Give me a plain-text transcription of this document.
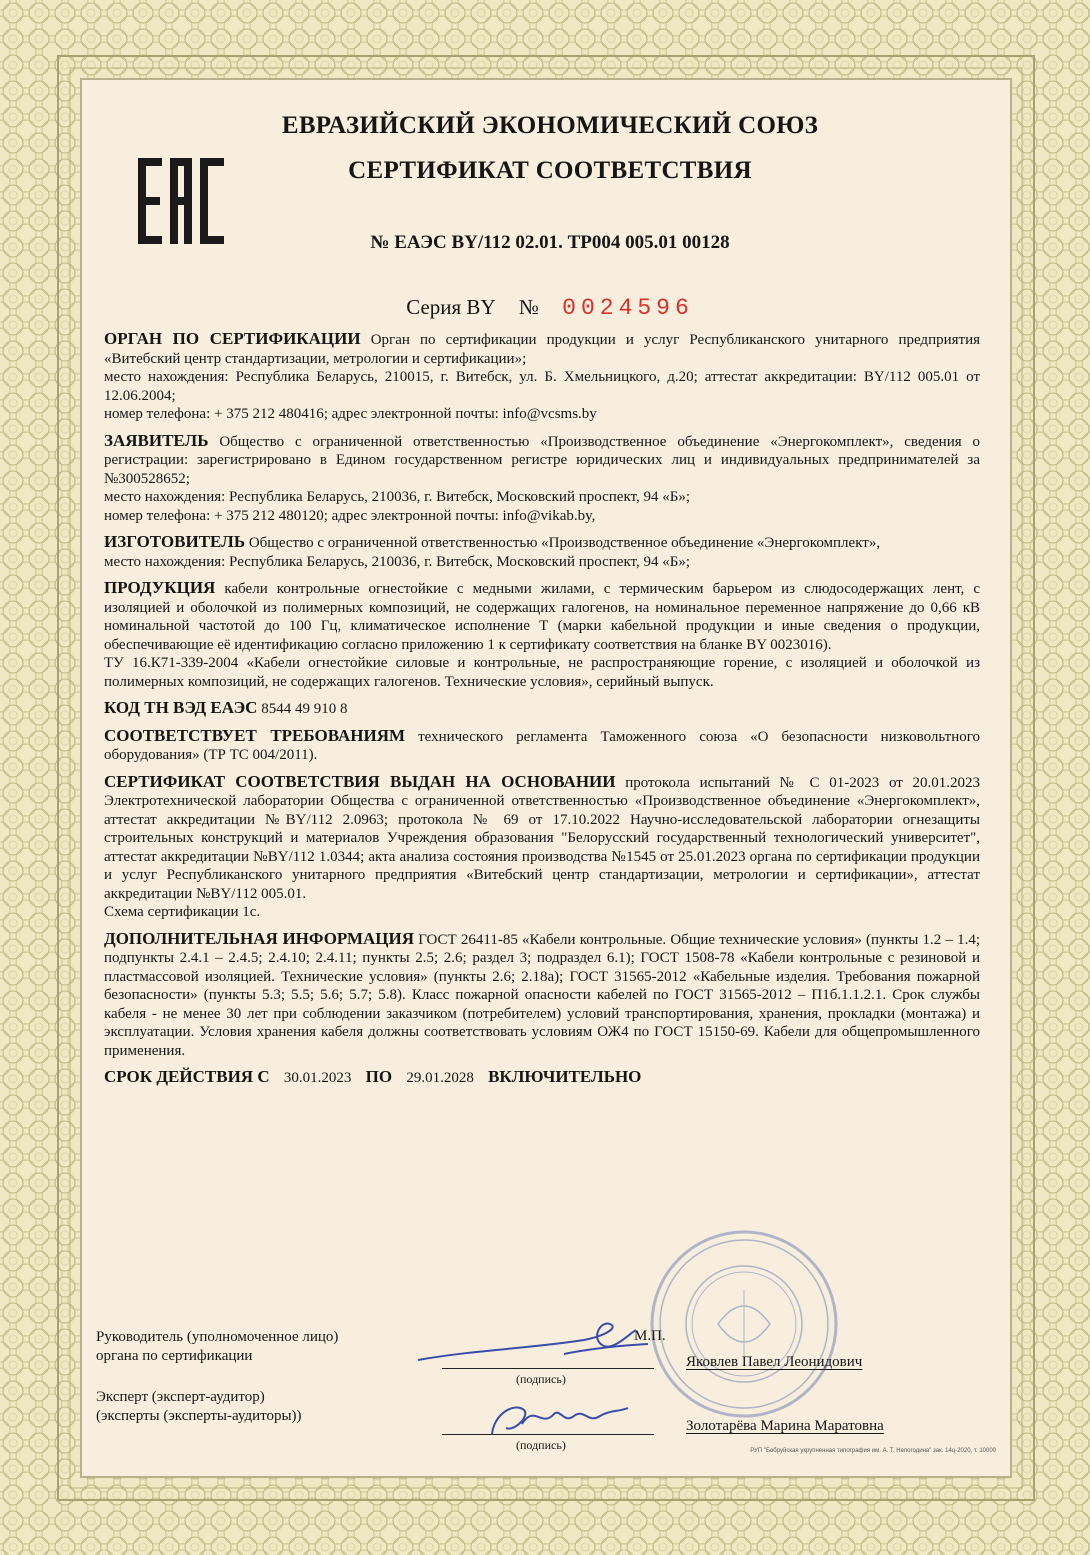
ЕВРАЗИЙСКИЙ ЭКОНОМИЧЕСКИЙ СОЮЗ
СЕРТИФИКАТ СООТВЕТСТВИЯ
№ ЕАЭС BY/112 02.01. ТР004 005.01 00128
Серия BY № 0024596

ОРГАН ПО СЕРТИФИКАЦИИ Орган по сертификации продукции и услуг Республиканского унитарного предприятия «Витебский центр стандартизации, метрологии и сертификации»;

место нахождения: Республика Беларусь, 210015, г. Витебск, ул. Б. Хмельницкого, д.20; аттестат аккредитации: BY/112 005.01 от 12.06.2004;

номер телефона: + 375 212 480416; адрес электронной почты: info@vcsms.by

ЗАЯВИТЕЛЬ Общество с ограниченной ответственностью «Производственное объединение «Энергокомплект», сведения о регистрации: зарегистрировано в Едином государственном регистре юридических лиц и индивидуальных предпринимателей за №300528652;

место нахождения: Республика Беларусь, 210036, г. Витебск, Московский проспект, 94 «Б»;

номер телефона: + 375 212 480120; адрес электронной почты: info@vikab.by,

ИЗГОТОВИТЕЛЬ Общество с ограниченной ответственностью «Производственное объединение «Энергокомплект»,

место нахождения: Республика Беларусь, 210036, г. Витебск, Московский проспект, 94 «Б»;

ПРОДУКЦИЯ кабели контрольные огнестойкие с медными жилами, с термическим барьером из слюдосодержащих лент, с изоляцией и оболочкой из полимерных композиций, не содержащих галогенов, на номинальное переменное напряжение до 0,66 кВ номинальной частотой до 100 Гц, климатическое исполнение Т (марки кабельной продукции и иные сведения о продукции, обеспечивающие её идентификацию согласно приложению 1 к сертификату соответствия на бланке BY 0023016).

ТУ 16.К71-339-2004 «Кабели огнестойкие силовые и контрольные, не распространяющие горение, с изоляцией и оболочкой из полимерных композиций, не содержащих галогенов. Технические условия», серийный выпуск.

КОД ТН ВЭД ЕАЭС 8544 49 910 8

СООТВЕТСТВУЕТ ТРЕБОВАНИЯМ технического регламента Таможенного союза «О безопасности низковольтного оборудования» (ТР ТС 004/2011).

СЕРТИФИКАТ СООТВЕТСТВИЯ ВЫДАН НА ОСНОВАНИИ протокола испытаний № С 01-2023 от 20.01.2023 Электротехнической лаборатории Общества с ограниченной ответственностью «Производственное объединение «Энергокомплект», аттестат аккредитации №BY/112 2.0963; протокола № 69 от 17.10.2022 Научно-исследовательской лаборатории огнезащиты строительных конструкций и материалов Учреждения образования "Белорусский государственный технологический университет", аттестат аккредитации №BY/112 1.0344; акта анализа состояния производства №1545 от 25.01.2023 органа по сертификации продукции и услуг Республиканского унитарного предприятия «Витебский центр стандартизации, метрологии и сертификации», аттестат аккредитации №BY/112 005.01.

Схема сертификации 1с.

ДОПОЛНИТЕЛЬНАЯ ИНФОРМАЦИЯ ГОСТ 26411-85 «Кабели контрольные. Общие технические условия» (пункты 1.2 – 1.4; подпункты 2.4.1 – 2.4.5; 2.4.10; 2.4.11; пункты 2.5; 2.6; раздел 3; подраздел 6.1); ГОСТ 1508-78 «Кабели контрольные с резиновой и пластмассовой изоляцией. Технические условия» (пункты 2.6; 2.18а); ГОСТ 31565-2012 «Кабельные изделия. Требования пожарной безопасности» (пункты 5.3; 5.5; 5.6; 5.7; 5.8). Класс пожарной опасности кабелей по ГОСТ 31565-2012 – П1б.1.1.2.1. Срок службы кабеля - не менее 30 лет при соблюдении заказчиком (потребителем) условий транспортирования, хранения, прокладки (монтажа) и эксплуатации. Условия хранения кабеля должны соответствовать условиям ОЖ4 по ГОСТ 15150-69. Кабели для общепромышленного применения.

СРОК ДЕЙСТВИЯ С 30.01.2023 ПО 29.01.2028 ВКЛЮЧИТЕЛЬНО

Руководитель (уполномоченное лицо)
органа по сертификации
М.П.
(подпись)
Яковлев Павел Леонидович
Эксперт (эксперт-аудитор)
(эксперты (эксперты-аудиторы))
(подпись)
Золотарёва Марина Маратовна
РУП "Бобруйская укрупненная типография им. А. Т. Непогодина" зак. 14ц-2020, т. 10000
